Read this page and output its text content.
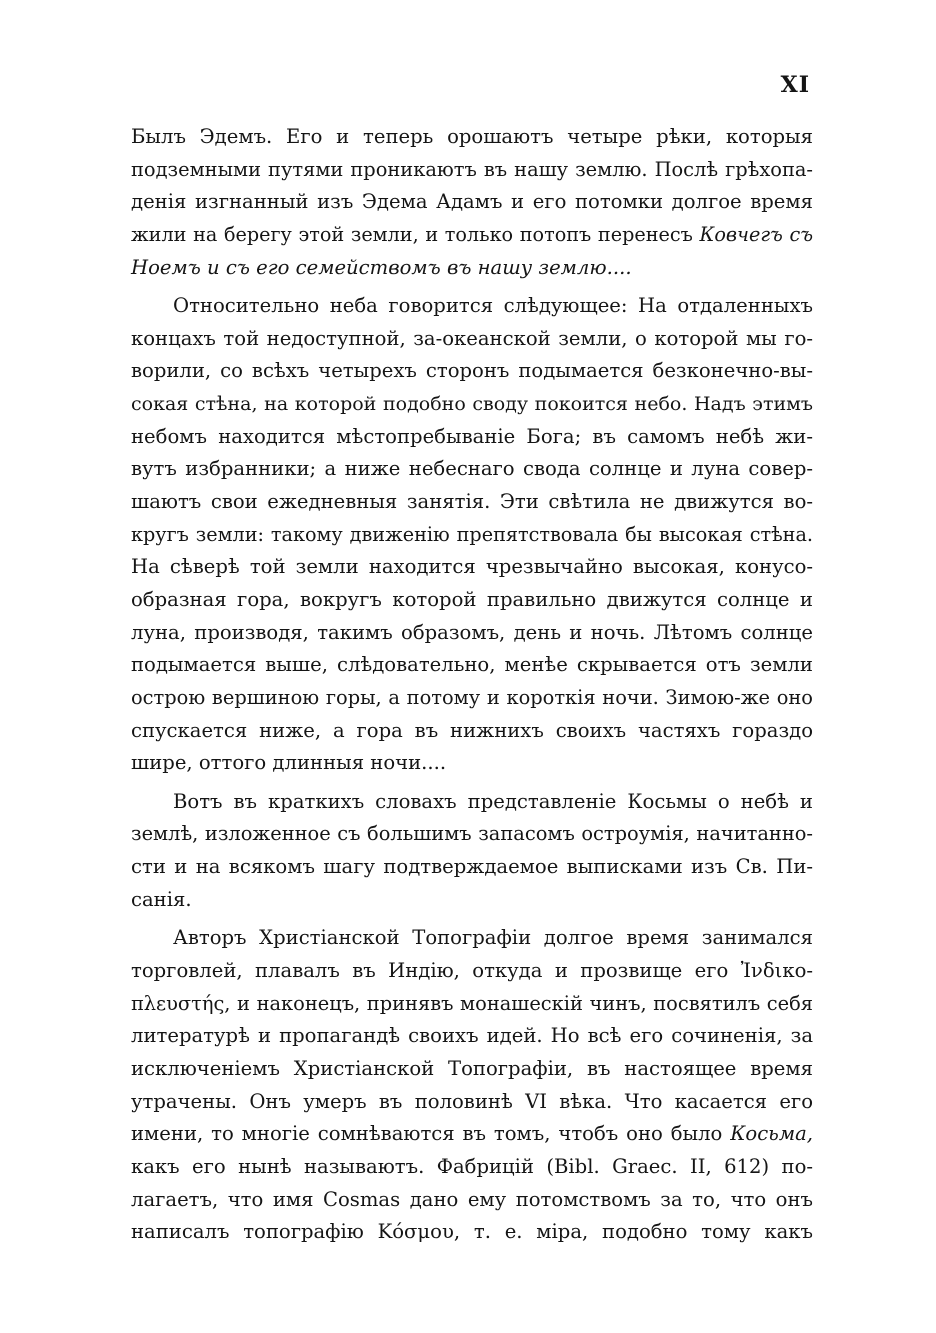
XI
Былъ Эдемъ. Его и теперь орошаютъ четыре рѣки, которыя
подземными путями проникаютъ въ нашу землю. Послѣ грѣхопа-
денія изгнанный изъ Эдема Адамъ и его потомки долгое время
жили на берегу этой земли, и только потопъ перенесъ Ковчегъ съ
Ноемъ и съ его семействомъ въ нашу землю....
Относительно неба говорится слѣдующее: На отдаленныхъ
концахъ той недоступной, за-океанской земли, о которой мы го-
ворили, со всѣхъ четырехъ сторонъ подымается безконечно-вы-
сокая стѣна, на которой подобно своду покоится небо. Надъ этимъ
небомъ находится мѣстопребываніе Бога; въ самомъ небѣ жи-
вутъ избранники; а ниже небеснаго свода солнце и луна совер-
шаютъ свои ежедневныя занятія. Эти свѣтила не движутся во-
кругъ земли: такому движенію препятствовала бы высокая стѣна.
На сѣверѣ той земли находится чрезвычайно высокая, конусо-
образная гора, вокругъ которой правильно движутся солнце и
луна, производя, такимъ образомъ, день и ночь. Лѣтомъ солнце
подымается выше, слѣдовательно, менѣе скрывается отъ земли
острою вершиною горы, а потому и короткія ночи. Зимою-же оно
спускается ниже, а гора въ нижнихъ своихъ частяхъ гораздо
шире, оттого длинныя ночи....
Вотъ въ краткихъ словахъ представленіе Косьмы о небѣ и
землѣ, изложенное съ большимъ запасомъ остроумія, начитанно-
сти и на всякомъ шагу подтверждаемое выписками изъ Св. Пи-
санія.
Авторъ Христіанской Топографіи долгое время занимался
торговлей, плавалъ въ Индію, откуда и прозвище его Ἰνδικο-
πλευστής, и наконецъ, принявъ монашескій чинъ, посвятилъ себя
литературѣ и пропагандѣ своихъ идей. Но всѣ его сочиненія, за
исключеніемъ Христіанской Топографіи, въ настоящее время
утрачены. Онъ умеръ въ половинѣ VI вѣка. Что касается его
имени, то многіе сомнѣваются въ томъ, чтобъ оно было Косьма,
какъ его нынѣ называютъ. Фабрицій (Bibl. Graec. II, 612) по-
лагаетъ, что имя Cosmas дано ему потомствомъ за то, что онъ
написалъ топографію Κόσμου, т. е. міра, подобно тому какъ
